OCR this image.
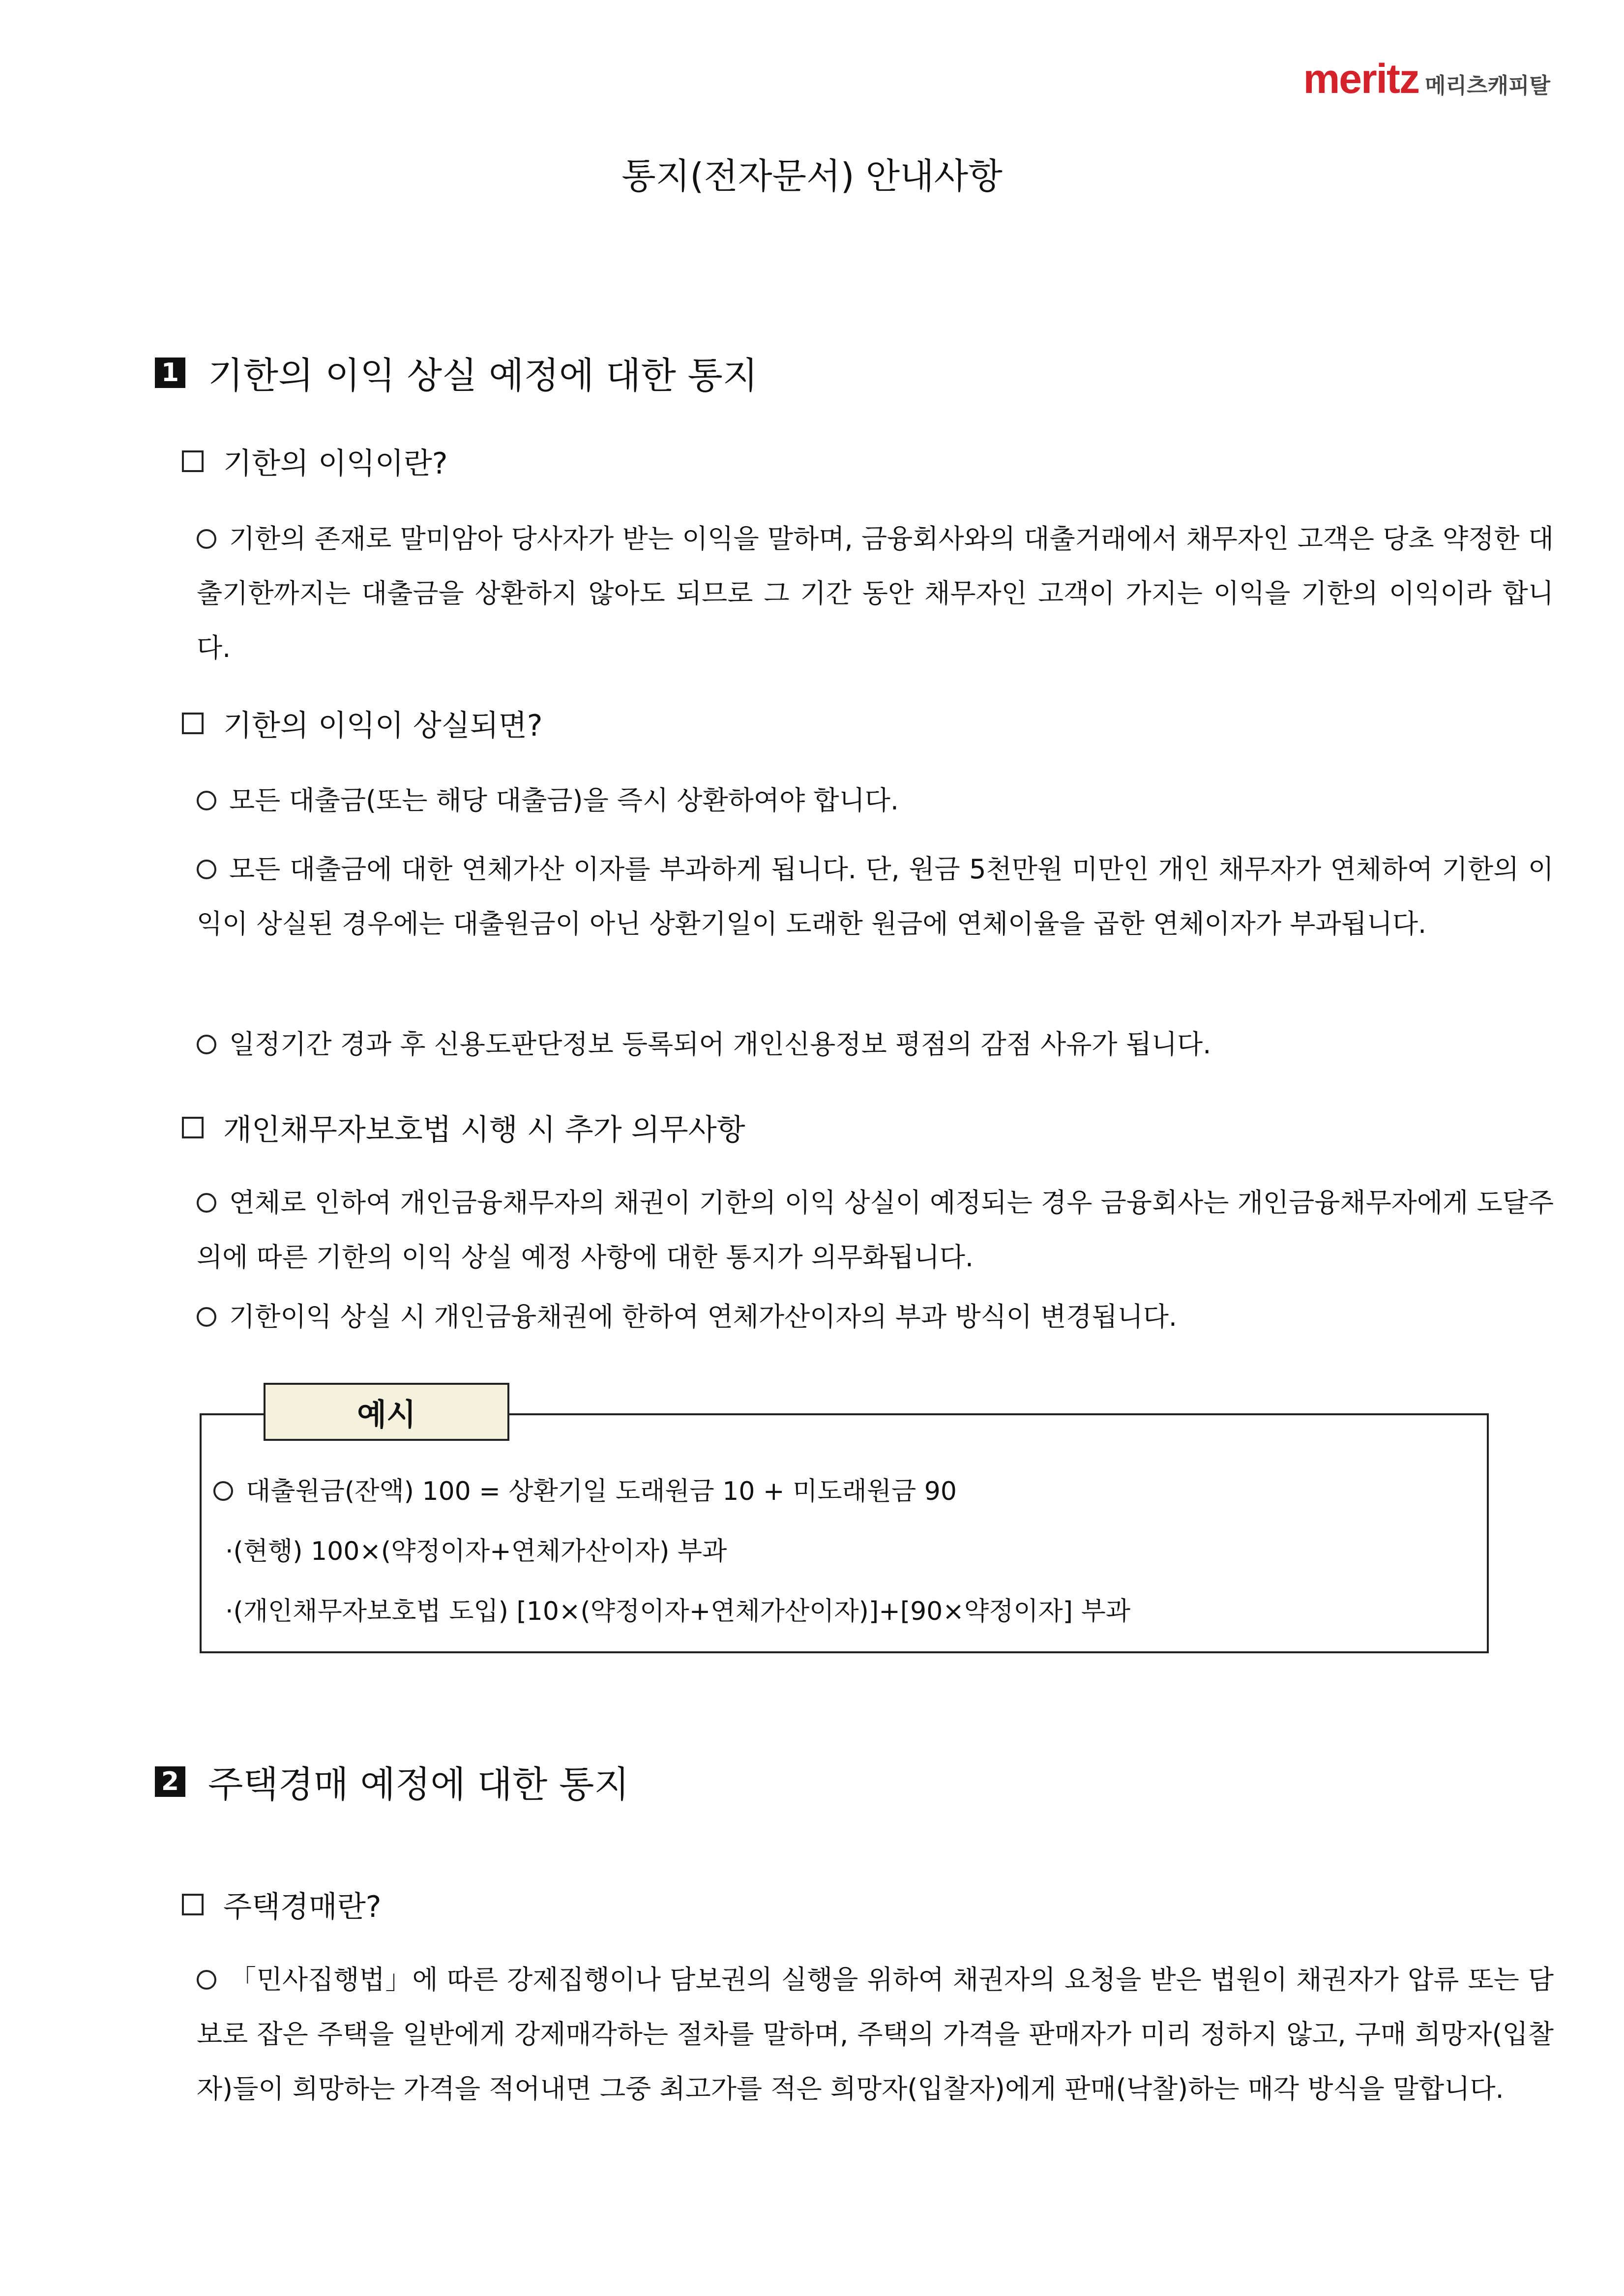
meritz 메리츠캐피탈
통지(전자문서) 안내사항
1 기한의 이익 상실 예정에 대한 통지
기한의 이익이란?

기한의 존재로 말미암아 당사자가 받는 이익을 말하며, 금융회사와의 대출거래에서 채무자인 고객은 당초 약정한 대출기한까지는 대출금을 상환하지 않아도 되므로 그 기간 동안 채무자인 고객이 가지는 이익을 기한의 이익이라 합니다.

기한의 이익이 상실되면?

모든 대출금(또는 해당 대출금)을 즉시 상환하여야 합니다.

모든 대출금에 대한 연체가산 이자를 부과하게 됩니다. 단, 원금 5천만원 미만인 개인 채무자가 연체하여 기한의 이익이 상실된 경우에는 대출원금이 아닌 상환기일이 도래한 원금에 연체이율을 곱한 연체이자가 부과됩니다.

일정기간 경과 후 신용도판단정보 등록되어 개인신용정보 평점의 감점 사유가 됩니다.

개인채무자보호법 시행 시 추가 의무사항

연체로 인하여 개인금융채무자의 채권이 기한의 이익 상실이 예정되는 경우 금융회사는 개인금융채무자에게 도달주의에 따른 기한의 이익 상실 예정 사항에 대한 통지가 의무화됩니다.

기한이익 상실 시 개인금융채권에 한하여 연체가산이자의 부과 방식이 변경됩니다.

예시

대출원금(잔액) 100 = 상환기일 도래원금 10 + 미도래원금 90

·(현행) 100×(약정이자+연체가산이자) 부과

·(개인채무자보호법 도입) [10×(약정이자+연체가산이자)]+[90×약정이자] 부과

2 주택경매 예정에 대한 통지
주택경매란?

「민사집행법」에 따른 강제집행이나 담보권의 실행을 위하여 채권자의 요청을 받은 법원이 채권자가 압류 또는 담보로 잡은 주택을 일반에게 강제매각하는 절차를 말하며, 주택의 가격을 판매자가 미리 정하지 않고, 구매 희망자(입찰자)들이 희망하는 가격을 적어내면 그중 최고가를 적은 희망자(입찰자)에게 판매(낙찰)하는 매각 방식을 말합니다.
